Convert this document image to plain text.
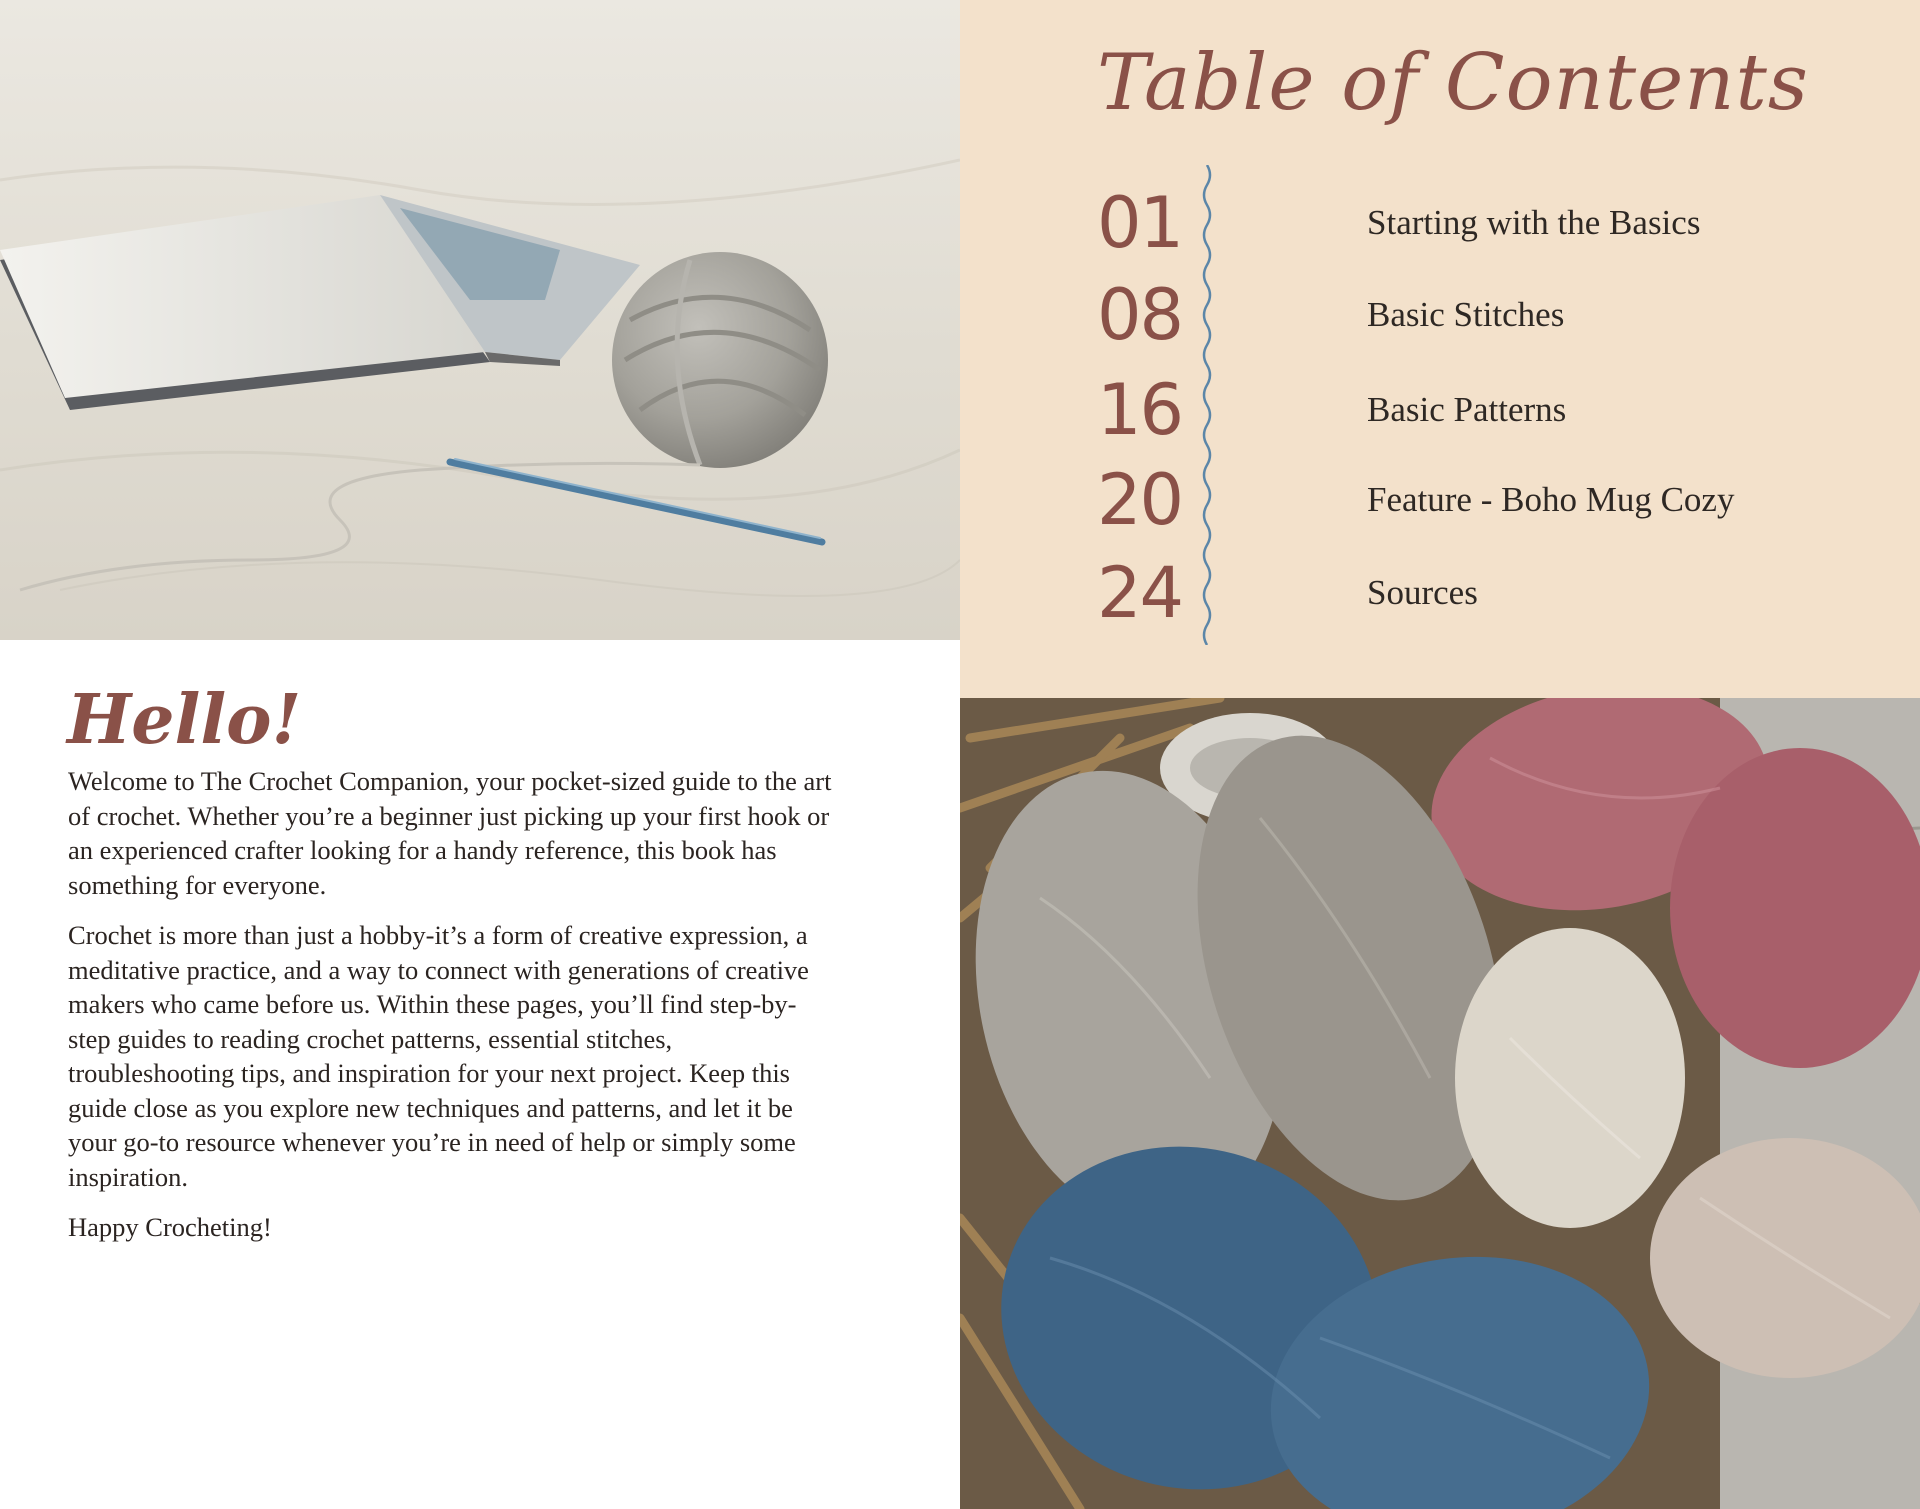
Table of Contents
01	Starting with the Basics
08	Basic Stitches
16	Basic Patterns
20	Feature - Boho Mug Cozy
24	Sources
Hello!

Welcome to The Crochet Companion, your pocket-sized guide to the art of crochet. Whether you’re a beginner just picking up your first hook or an experienced crafter looking for a handy reference, this book has something for everyone.

Crochet is more than just a hobby-it’s a form of creative expression, a meditative practice, and a way to connect with generations of creative makers who came before us. Within these pages, you’ll find step-by-step guides to reading crochet patterns, essential stitches, troubleshooting tips, and inspiration for your next project. Keep this guide close as you explore new techniques and patterns, and let it be your go-to resource whenever you’re in need of help or simply some inspiration.

Happy Crocheting!
